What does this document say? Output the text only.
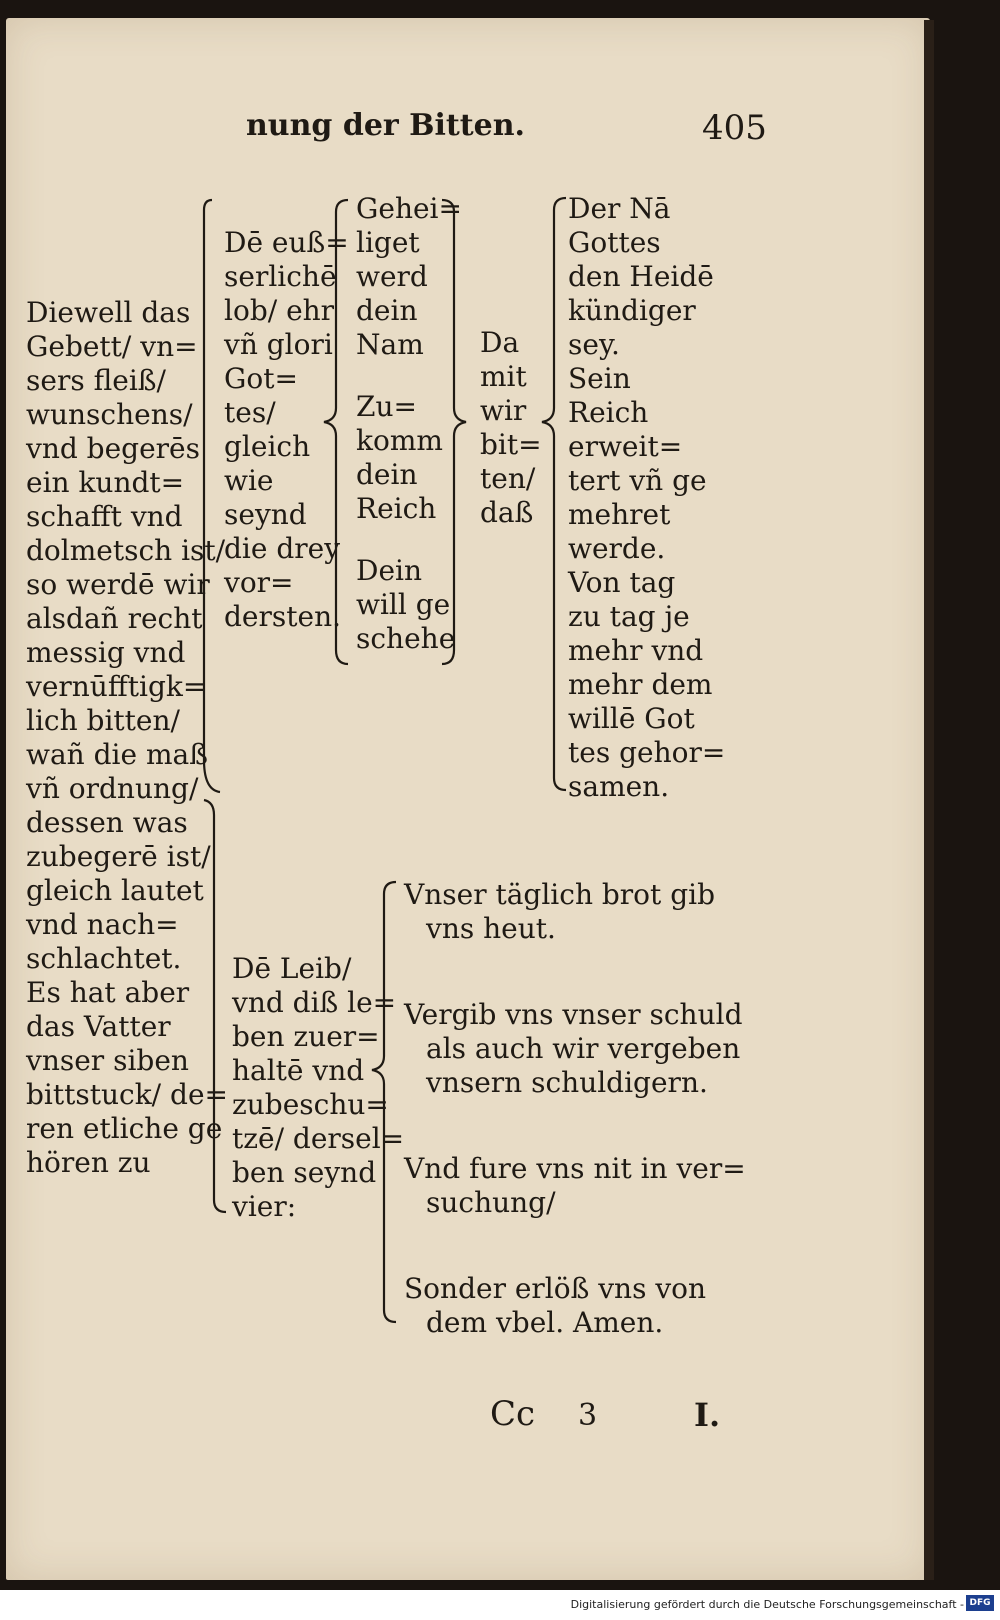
nung der Bitten.	405
Diewell das
Gebett/ vn=
sers fleiß/
wunschens/
vnd begerēs
ein kundt=
schafft vnd
dolmetsch ist/
so werdē wir
alsdañ recht
messig vnd
vernūfftigk=
lich bitten/
wañ die maß
vñ ordnung/
dessen was
zubegerē ist/
gleich lautet
vnd nach=
schlachtet.
Es hat aber
das Vatter
vnser siben
bittstuck/ de=
ren etliche ge
hören zu
Dē euß=
serlichē
lob/ ehr
vñ glori
Got=
tes/
gleich
wie
seynd
die drey
vor=
dersten.
Gehei=
liget
werd
dein
Nam
Zu=
komm
dein
Reich
Dein
will ge
schehe
Da
mit
wir
bit=
ten/
daß
Der Nā
Gottes
den Heidē
kündiger
sey.
Sein
Reich
erweit=
tert vñ ge
mehret
werde.
Von tag
zu tag je
mehr vnd
mehr dem
willē Got
tes gehor=
samen.
Dē Leib/
vnd diß le=
ben zuer=
haltē vnd
zubeschu=
tzē/ dersel=
ben seynd
vier:
Vnser täglich brot gib
vns heut.
Vergib vns vnser schuld
als auch wir vergeben
vnsern schuldigern.
Vnd fure vns nit in ver=
suchung/
Sonder erlöß vns von
dem vbel. Amen.
Cc 3	I.
Digitalisierung gefördert durch die Deutsche Forschungsgemeinschaft - DFG
